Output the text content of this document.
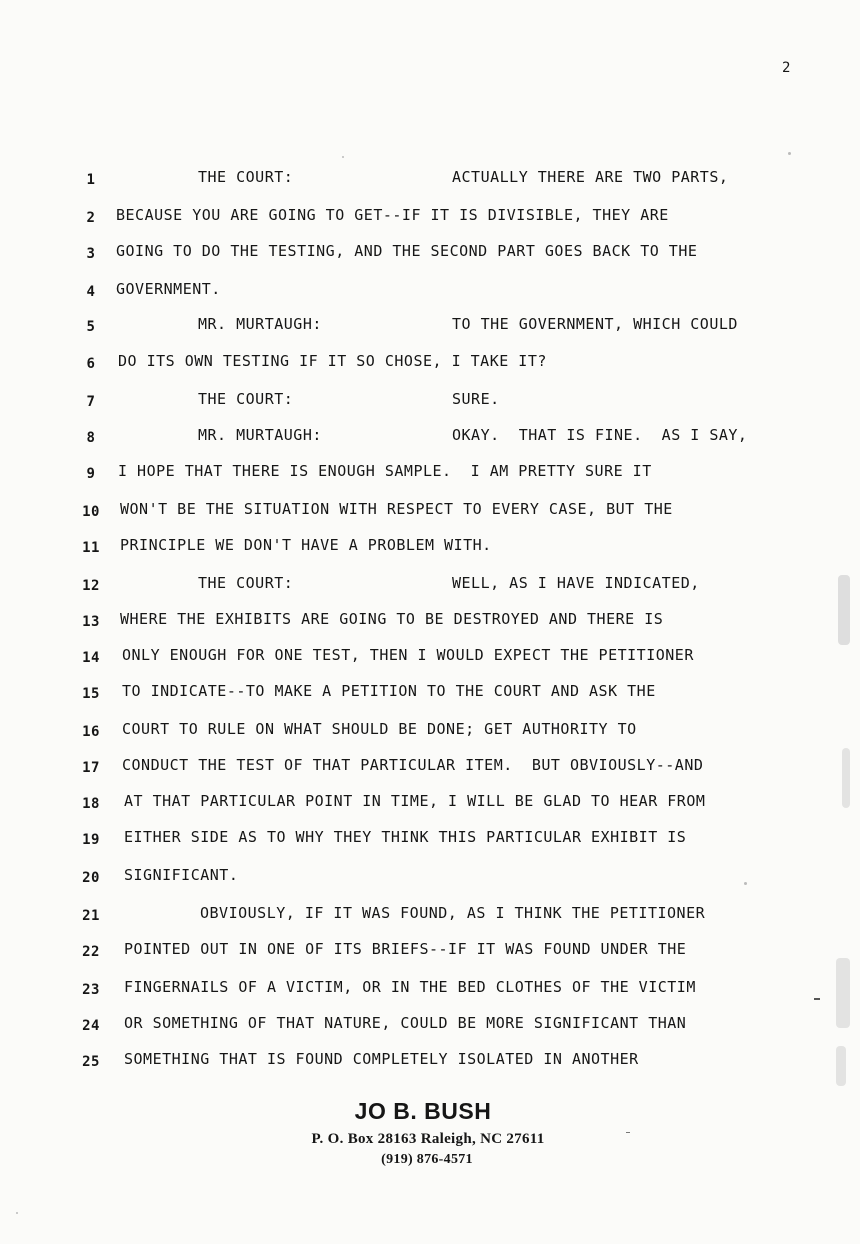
2
1	THE COURT:	ACTUALLY THERE ARE TWO PARTS,
2	BECAUSE YOU ARE GOING TO GET--IF IT IS DIVISIBLE, THEY ARE
3	GOING TO DO THE TESTING, AND THE SECOND PART GOES BACK TO THE
4	GOVERNMENT.
5	MR. MURTAUGH:	TO THE GOVERNMENT, WHICH COULD
6	DO ITS OWN TESTING IF IT SO CHOSE, I TAKE IT?
7	THE COURT:	SURE.
8	MR. MURTAUGH:	OKAY.  THAT IS FINE.  AS I SAY,
9	I HOPE THAT THERE IS ENOUGH SAMPLE.  I AM PRETTY SURE IT
10 WON'T BE THE SITUATION WITH RESPECT TO EVERY CASE, BUT THE
11 PRINCIPLE WE DON'T HAVE A PROBLEM WITH.
12	THE COURT:	WELL, AS I HAVE INDICATED,
13 WHERE THE EXHIBITS ARE GOING TO BE DESTROYED AND THERE IS
14 ONLY ENOUGH FOR ONE TEST, THEN I WOULD EXPECT THE PETITIONER
15 TO INDICATE--TO MAKE A PETITION TO THE COURT AND ASK THE
16 COURT TO RULE ON WHAT SHOULD BE DONE; GET AUTHORITY TO
17 CONDUCT THE TEST OF THAT PARTICULAR ITEM.  BUT OBVIOUSLY--AND
18 AT THAT PARTICULAR POINT IN TIME, I WILL BE GLAD TO HEAR FROM
19 EITHER SIDE AS TO WHY THEY THINK THIS PARTICULAR EXHIBIT IS
20 SIGNIFICANT.
21	OBVIOUSLY, IF IT WAS FOUND, AS I THINK THE PETITIONER
22 POINTED OUT IN ONE OF ITS BRIEFS--IF IT WAS FOUND UNDER THE
23 FINGERNAILS OF A VICTIM, OR IN THE BED CLOTHES OF THE VICTIM
24 OR SOMETHING OF THAT NATURE, COULD BE MORE SIGNIFICANT THAN
25 SOMETHING THAT IS FOUND COMPLETELY ISOLATED IN ANOTHER
JO B. BUSH
P. O. Box 28163 Raleigh, NC 27611
(919) 876-4571
